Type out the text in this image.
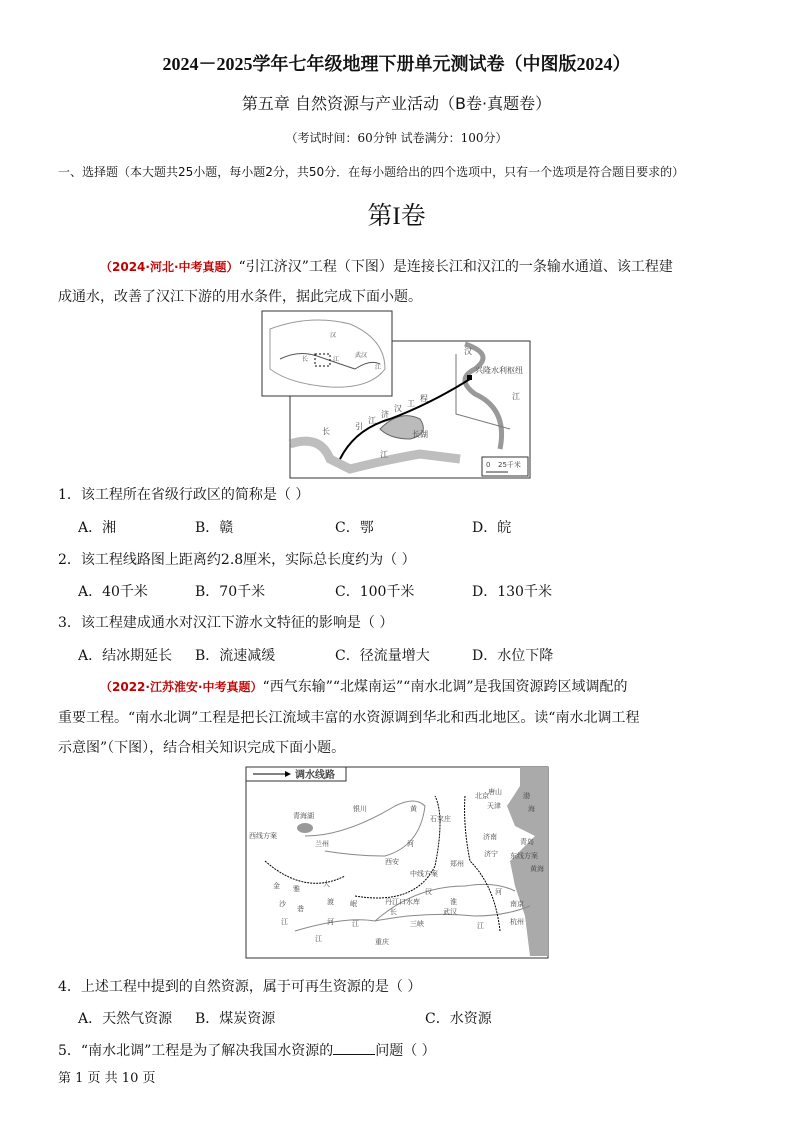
2024－2025学年七年级地理下册单元测试卷（中图版2024）
第五章 自然资源与产业活动（B卷·真题卷）
（考试时间：60分钟 试卷满分：100分）
一、选择题（本大题共25小题，每小题2分，共50分．在每小题给出的四个选项中，只有一个选项是符合题目要求的）
第I卷
（2024·河北·中考真题）“引江济汉”工程（下图）是连接长江和汉江的一条输水通道、该工程建
成通水，改善了汉江下游的用水条件，据此完成下面小题。
汉
长	江
武汉
江
汉
兴隆水利枢纽
江
引
江
济
汉
工
程
长	长湖
江
0 25千米
1．该工程所在省级行政区的简称是（ ）
A．湘	B．赣	C．鄂	D．皖
2．该工程线路图上距离约2.8厘米，实际总长度约为（ ）
A．40千米	B．70千米	C．100千米	D．130千米
3．该工程建成通水对汉江下游水文特征的影响是（ ）
A．结冰期延长 B．流速减缓	C．径流量增大	D．水位下降
（2022·江苏淮安·中考真题）“西气东输”“北煤南运”“南水北调”是我国资源跨区域调配的
重要工程。“南水北调”工程是把长江流域丰富的水资源调到华北和西北地区。读“南水北调工程
示意图”（下图），结合相关知识完成下面小题。
调水线路
银川
青海湖
西线方案
兰州
黄
河
石家庄
北京 唐山
天津
渤
海
济南
青岛
济宁 东线方案
黄海
西安	郑州
中线方案
丹江口水库
汉
淮
河
南京
武汉
三峡
长
江	杭州
重庆
金
沙
江
雅
砻
江
大
渡
河
岷
江
4．上述工程中提到的自然资源，属于可再生资源的是（ ）
A．天然气资源 B．煤炭资源	C．水资源
5．“南水北调”工程是为了解决我国水资源的	问题（ ）
第 1 页 共 10 页
